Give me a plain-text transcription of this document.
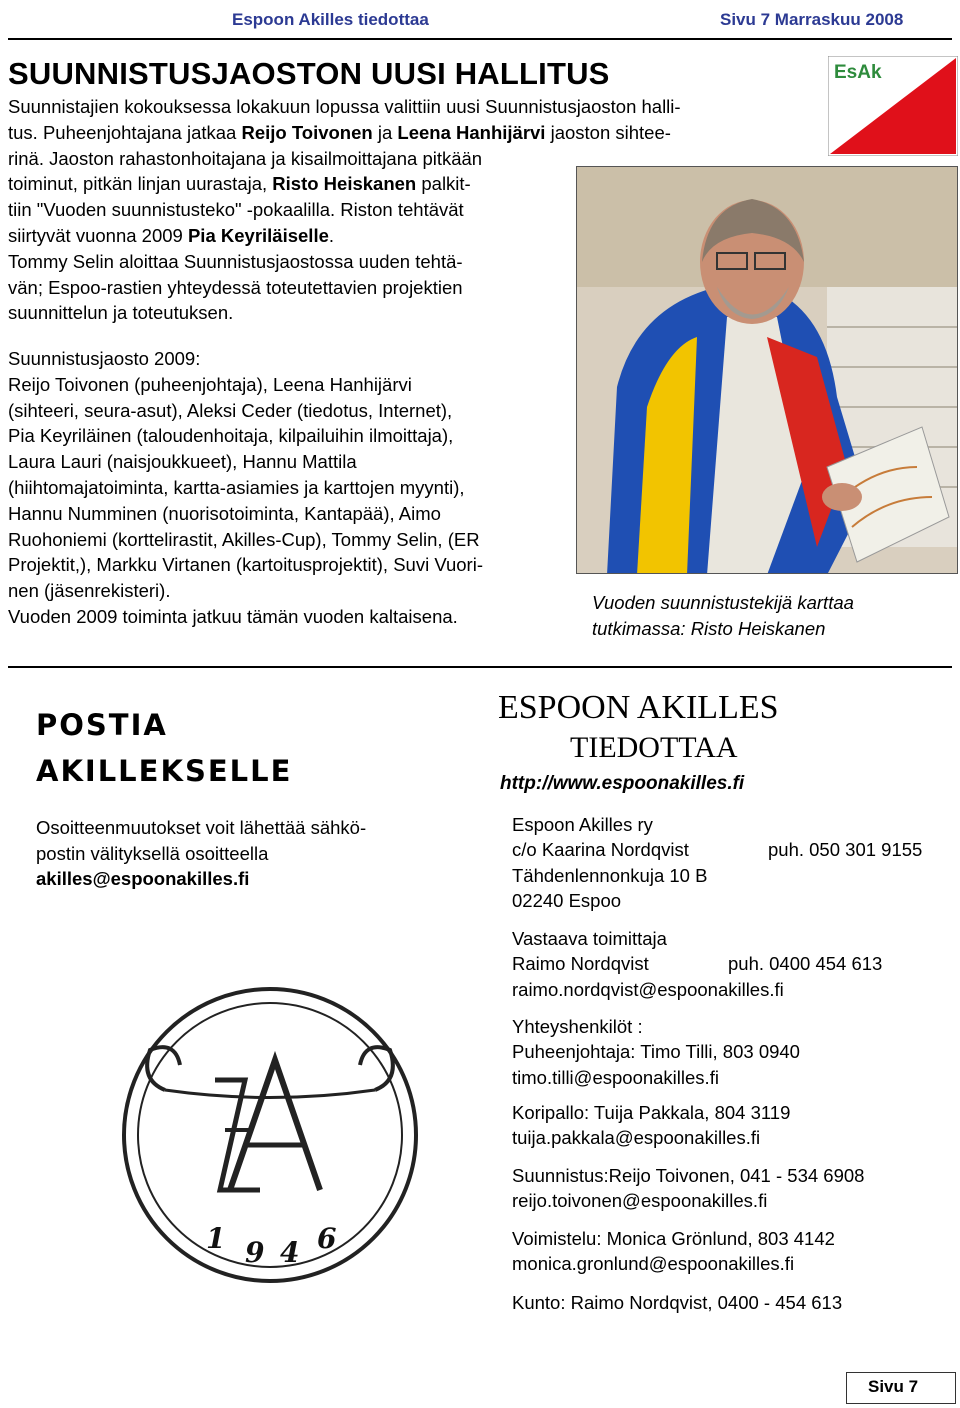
Espoon Akilles tiedottaa	Sivu 7 Marraskuu 2008
SUUNNISTUSJAOSTON UUSI HALLITUS	EsAk
Suunnistajien kokouksessa lokakuun lopussa valittiin uusi Suunnistusjaoston halli-
tus. Puheenjohtajana jatkaa Reijo Toivonen ja Leena Hanhijärvi jaoston sihtee-
rinä. Jaoston rahastonhoitajana ja kisailmoittajana pitkään
toiminut, pitkän linjan uurastaja, Risto Heiskanen palkit-
tiin "Vuoden suunnistusteko" -pokaalilla. Riston tehtävät
siirtyvät vuonna 2009 Pia Keyriläiselle.
Tommy Selin aloittaa Suunnistusjaostossa uuden tehtä-
vän; Espoo-rastien yhteydessä toteutettavien projektien
suunnittelun ja toteutuksen.
Suunnistusjaosto 2009:
Reijo Toivonen (puheenjohtaja), Leena Hanhijärvi
(sihteeri, seura-asut), Aleksi Ceder (tiedotus, Internet),
Pia Keyriläinen (taloudenhoitaja, kilpailuihin ilmoittaja),
Laura Lauri (naisjoukkueet), Hannu Mattila
(hiihtomajatoiminta, kartta-asiamies ja karttojen myynti),
Hannu Numminen (nuorisotoiminta, Kantapää), Aimo
Ruohoniemi (korttelirastit, Akilles-Cup), Tommy Selin, (ER
Projektit,), Markku Virtanen (kartoitusprojektit), Suvi Vuori-
nen (jäsenrekisteri).
Vuoden 2009 toiminta jatkuu tämän vuoden kaltaisena.
Vuoden suunnistustekijä karttaa
tutkimassa: Risto Heiskanen
POSTIA
AKILLEKSELLE
Osoitteenmuutokset voit lähettää sähkö-
postin välityksellä osoitteella
akilles@espoonakilles.fi
1 9 4 6
ESPOON AKILLES
TIEDOTTAA
http://www.espoonakilles.fi
Espoon Akilles ry
c/o Kaarina Nordqvist	puh. 050 301 9155
Tähdenlennonkuja 10 B
02240 Espoo
Vastaava toimittaja
Raimo Nordqvist	puh. 0400 454 613
raimo.nordqvist@espoonakilles.fi
Yhteyshenkilöt :
Puheenjohtaja: Timo Tilli, 803 0940
timo.tilli@espoonakilles.fi
Koripallo: Tuija Pakkala, 804 3119
tuija.pakkala@espoonakilles.fi
Suunnistus:Reijo Toivonen, 041 - 534 6908
reijo.toivonen@espoonakilles.fi
Voimistelu: Monica Grönlund, 803 4142
monica.gronlund@espoonakilles.fi
Kunto: Raimo Nordqvist, 0400 - 454 613
Sivu 7
